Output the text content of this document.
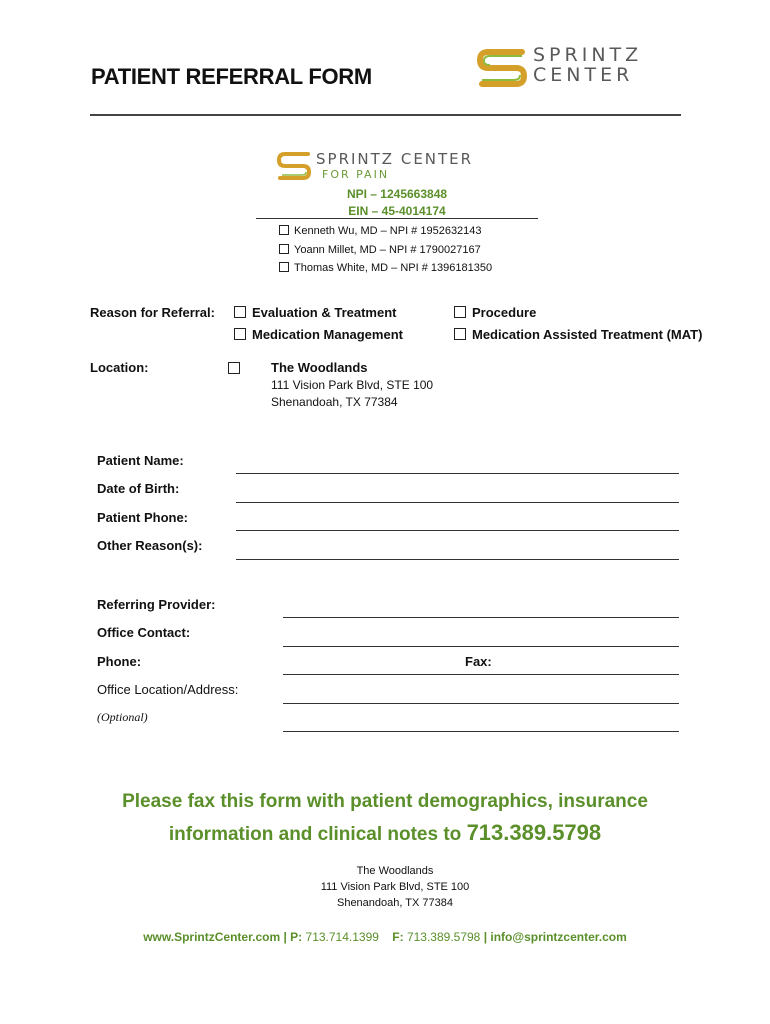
PATIENT REFERRAL FORM
SPRINTZ
CENTER
SPRINTZ CENTER
FOR PAIN
NPI – 1245663848
EIN – 45-4014174
Kenneth Wu, MD – NPI # 1952632143
Yoann Millet, MD – NPI # 1790027167
Thomas White, MD – NPI # 1396181350
Reason for Referral:	Evaluation & Treatment	Procedure
Medication Management	Medication Assisted Treatment (MAT)
Location:	The Woodlands
111 Vision Park Blvd, STE 100
Shenandoah, TX 77384
Patient Name:
Date of Birth:
Patient Phone:
Other Reason(s):
Referring Provider:
Office Contact:
Phone:	Fax:
Office Location/Address:
(Optional)
Please fax this form with patient demographics, insurance
information and clinical notes to 713.389.5798
The Woodlands
111 Vision Park Blvd, STE 100
Shenandoah, TX 77384
www.SprintzCenter.com | P: 713.714.1399 F: 713.389.5798 | info@sprintzcenter.com
